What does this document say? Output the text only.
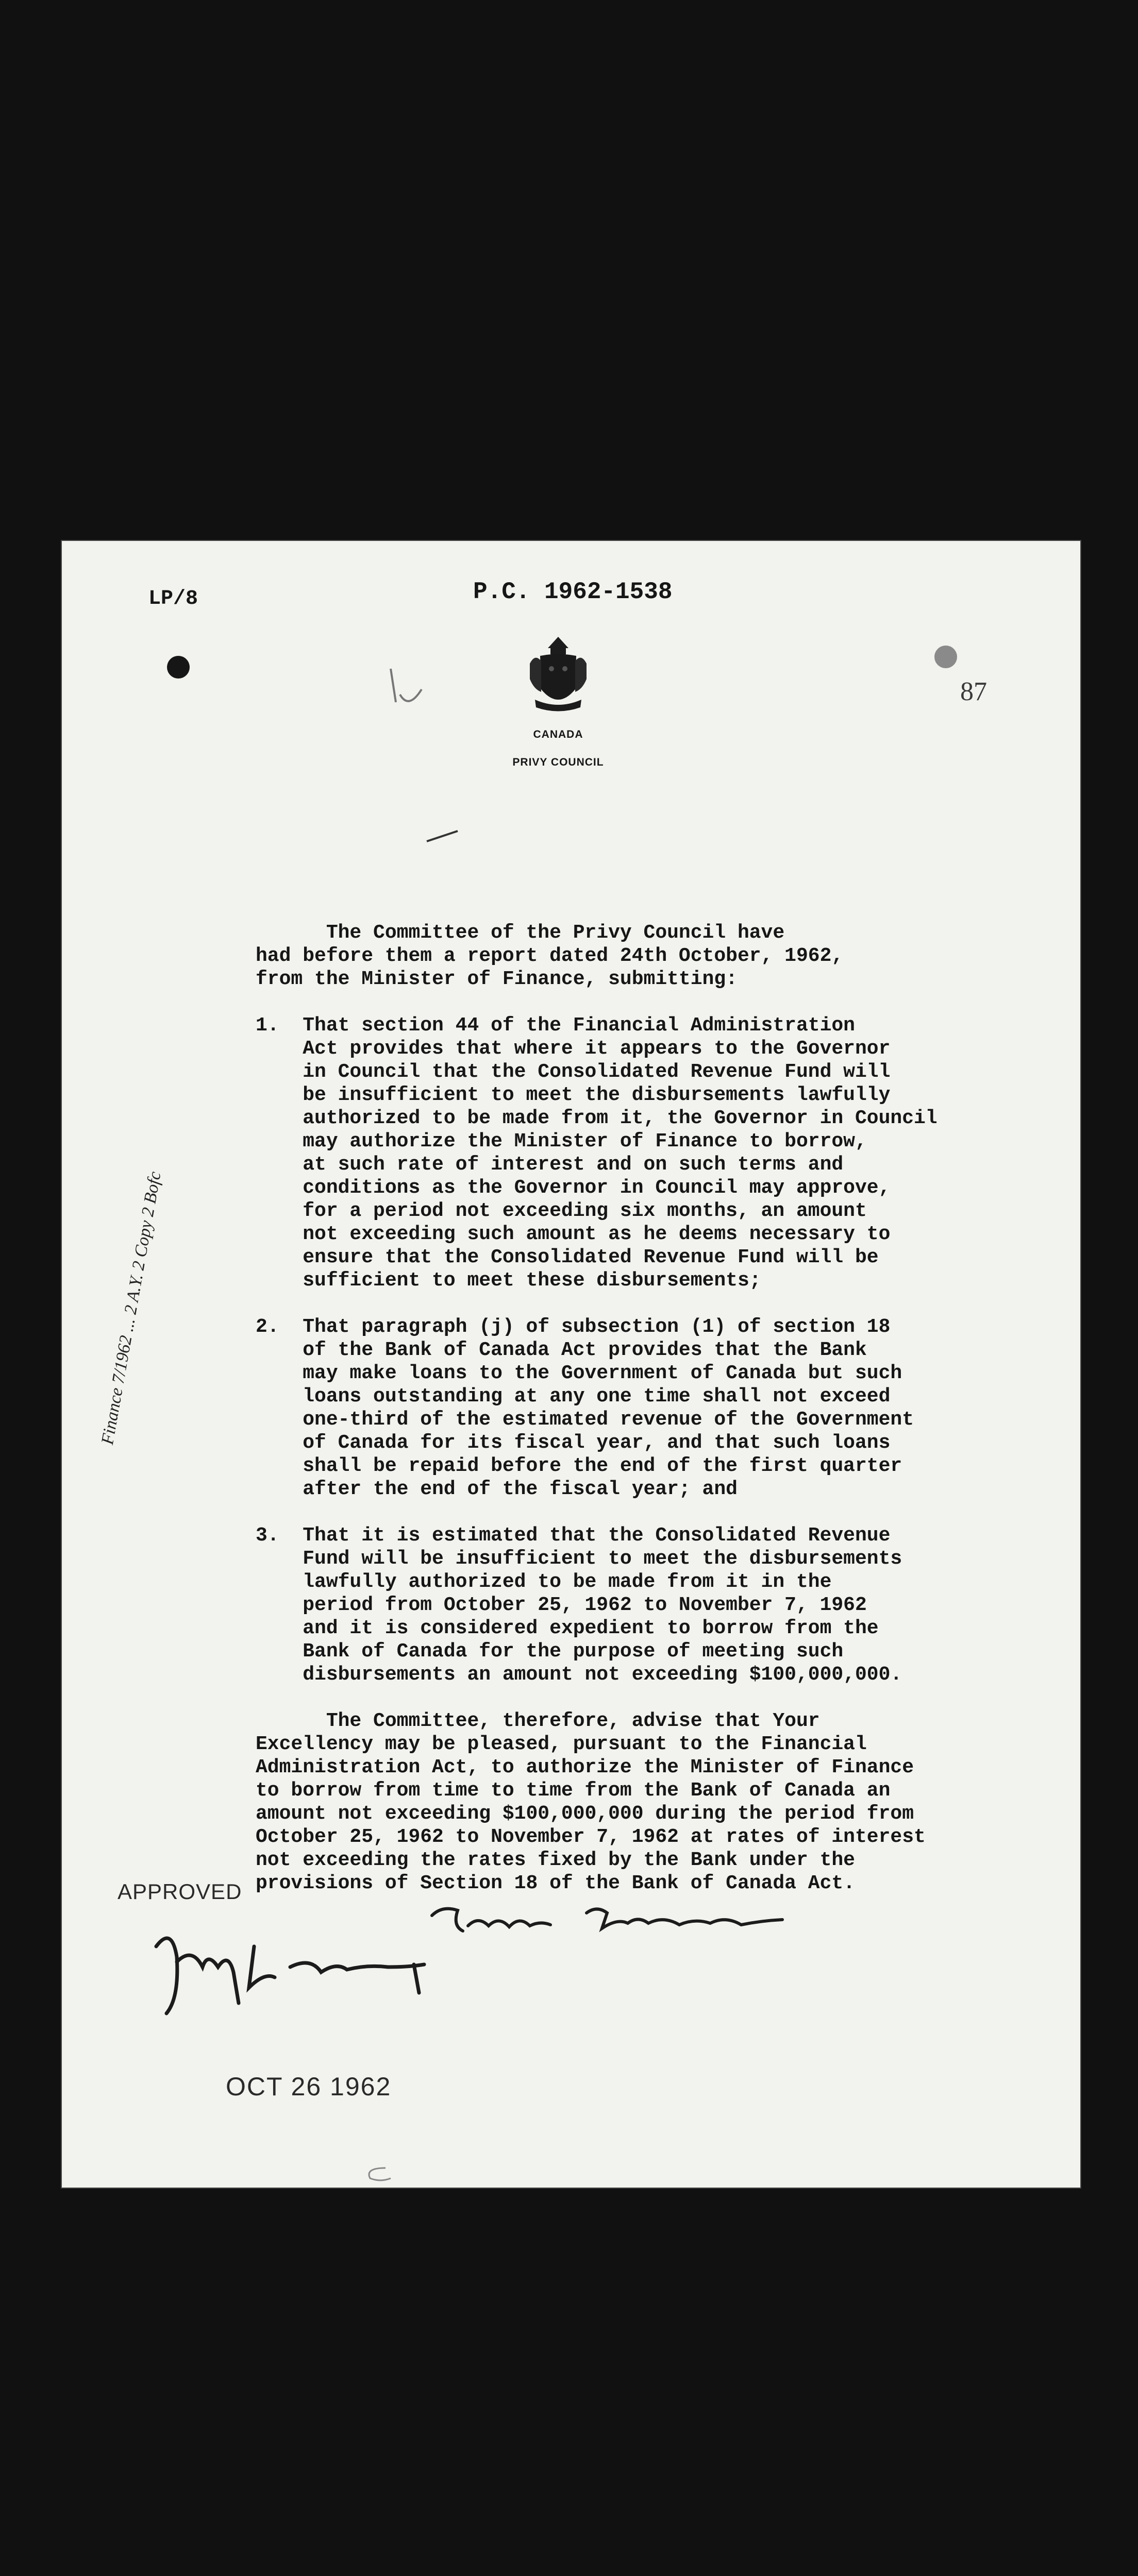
LP/8	P.C. 1962-1538
87
CANADA
PRIVY COUNCIL
The Committee of the Privy Council have
had before them a report dated 24th October, 1962,
from the Minister of Finance, submitting:
1.  That section 44 of the Financial Administration
Act provides that where it appears to the Governor
in Council that the Consolidated Revenue Fund will
be insufficient to meet the disbursements lawfully
authorized to be made from it, the Governor in Council
may authorize the Minister of Finance to borrow,
at such rate of interest and on such terms and
conditions as the Governor in Council may approve,
for a period not exceeding six months, an amount
not exceeding such amount as he deems necessary to
ensure that the Consolidated Revenue Fund will be
sufficient to meet these disbursements;
2.  That paragraph (j) of subsection (1) of section 18
of the Bank of Canada Act provides that the Bank
may make loans to the Government of Canada but such
loans outstanding at any one time shall not exceed
one-third of the estimated revenue of the Government
of Canada for its fiscal year, and that such loans
shall be repaid before the end of the first quarter
after the end of the fiscal year; and
3.  That it is estimated that the Consolidated Revenue
Fund will be insufficient to meet the disbursements
lawfully authorized to be made from it in the
period from October 25, 1962 to November 7, 1962
and it is considered expedient to borrow from the
Bank of Canada for the purpose of meeting such
disbursements an amount not exceeding $100,000,000.
The Committee, therefore, advise that Your
Excellency may be pleased, pursuant to the Financial
Administration Act, to authorize the Minister of Finance
to borrow from time to time from the Bank of Canada an
amount not exceeding $100,000,000 during the period from
October 25, 1962 to November 7, 1962 at rates of interest
not exceeding the rates fixed by the Bank under the
provisions of Section 18 of the Bank of Canada Act.
Finance 7/1962 ... 2 A.Y. 2 Copy 2 Bofc
APPROVED
Georges P. Vanier
Gordon Churchill
OCT 26 1962
